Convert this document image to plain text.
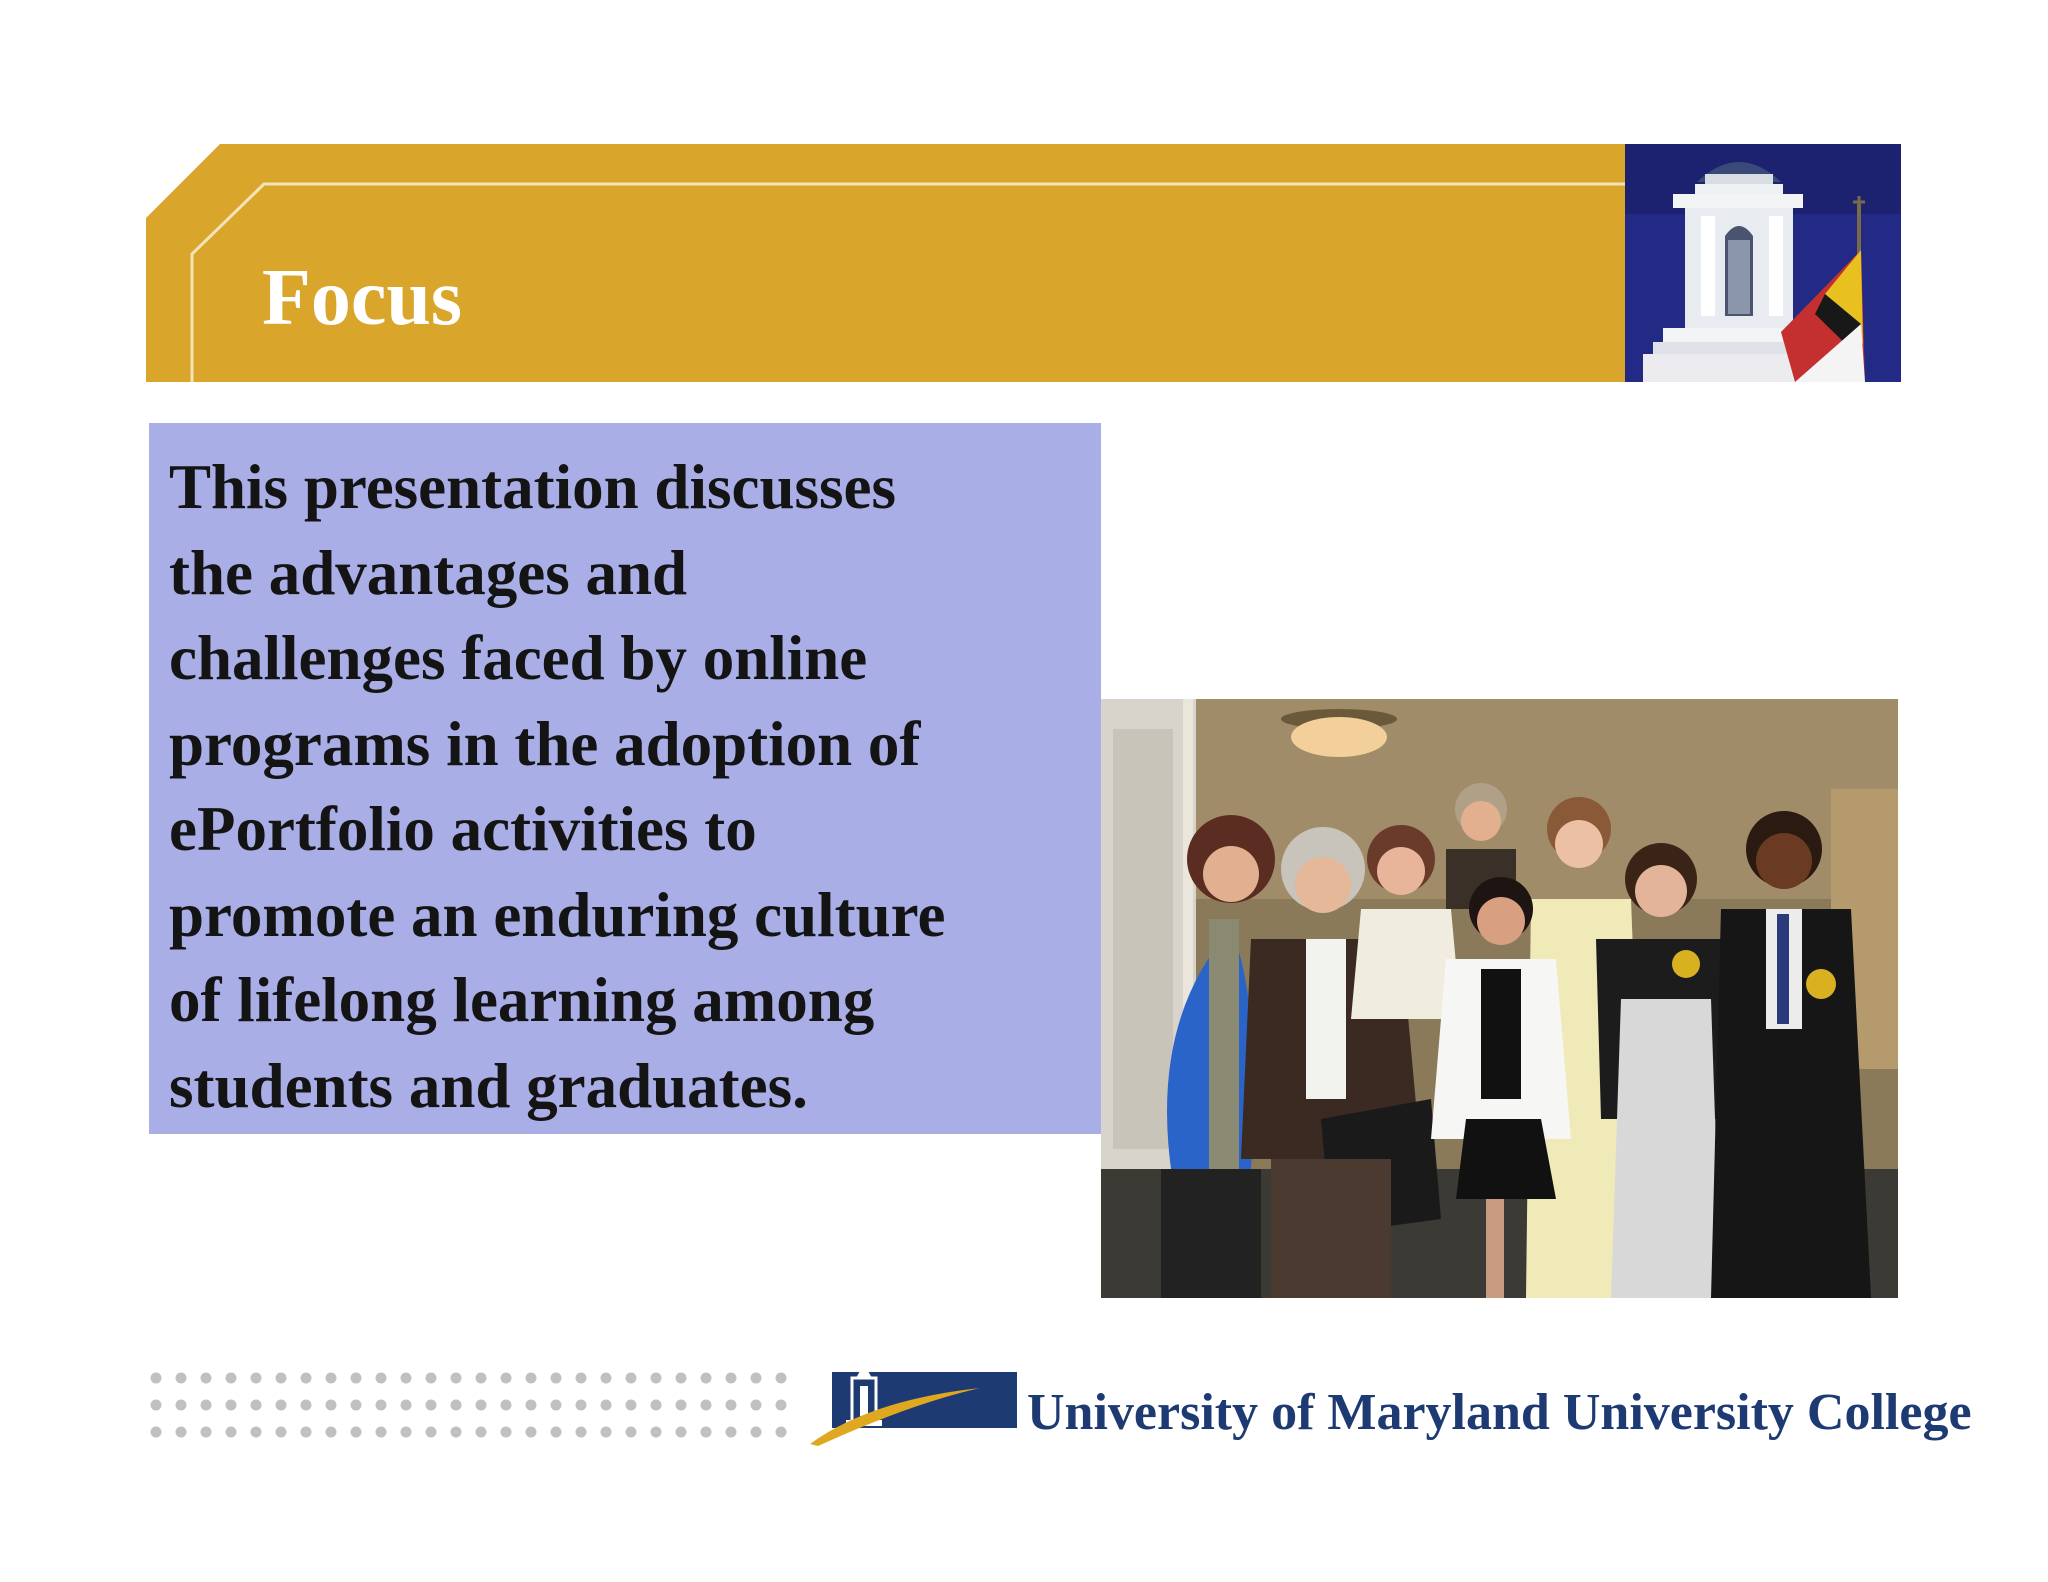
Focus

This presentation discusses
the advantages and
challenges faced by online
programs in the adoption of
ePortfolio activities to
promote an enduring culture
of lifelong learning among
students and graduates.

University of Maryland University College
